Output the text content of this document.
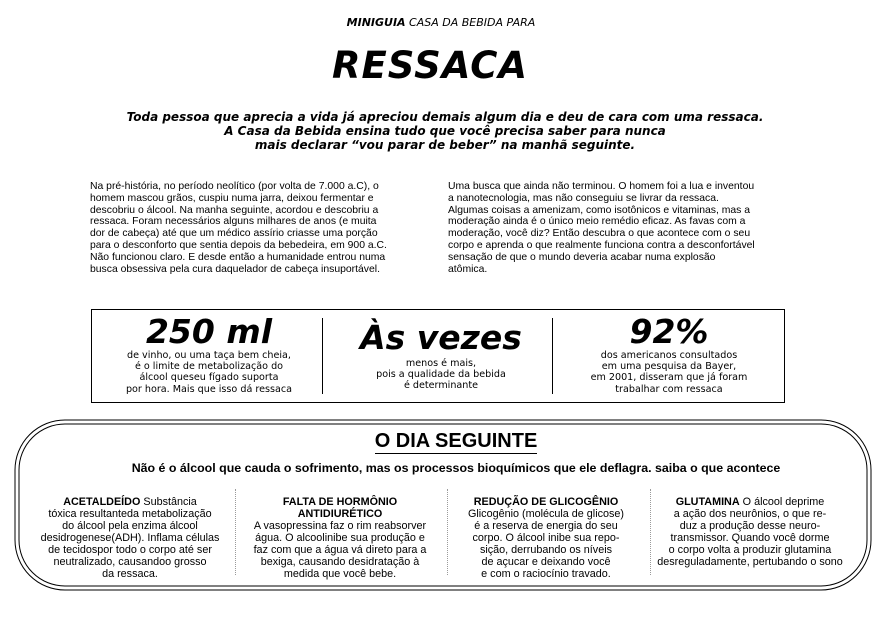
MINIGUIA CASA DA BEBIDA PARA
RESSACA
Toda pessoa que aprecia a vida já apreciou demais algum dia e deu de cara com uma ressaca.
A Casa da Bebida ensina tudo que você precisa saber para nunca
mais declarar “vou parar de beber” na manhã seguinte.
Na pré-história, no período neolítico (por volta de 7.000 a.C), o
homem mascou grãos, cuspiu numa jarra, deixou fermentar e
descobriu o álcool. Na manha seguinte, acordou e descobriu a
ressaca. Foram necessários alguns milhares de anos (e muita
dor de cabeça) até que um médico assírio criasse uma porção
para o desconforto que sentia depois da bebedeira, em 900 a.C.
Não funcionou claro. E desde então a humanidade entrou numa
busca obsessiva pela cura daquelador de cabeça insuportável.
Uma busca que ainda não terminou. O homem foi a lua e inventou
a nanotecnologia, mas não conseguiu se livrar da ressaca.
Algumas coisas a amenizam, como isotônicos e vitaminas, mas a
moderação ainda é o único meio remédio eficaz. As favas com a
moderação, você diz? Então descubra o que acontece com o seu
corpo e aprenda o que realmente funciona contra a desconfortável
sensação de que o mundo deveria acabar numa explosão
atômica.
250 ml
de vinho, ou uma taça bem cheia,
é o limite de metabolização do
álcool queseu fígado suporta
por hora. Mais que isso dá ressaca
Às vezes
menos é mais,
pois a qualidade da bebida
é determinante
92%
dos americanos consultados
em uma pesquisa da Bayer,
em 2001, disseram que já foram
trabalhar com ressaca
O DIA SEGUINTE
Não é o álcool que cauda o sofrimento, mas os processos bioquímicos que ele deflagra. saiba o que acontece
ACETALDEÍDO Substância
tóxica resultanteda metabolização
do álcool pela enzima álcool
desidrogenese(ADH). Inflama células
de tecidospor todo o corpo até ser
neutralizado, causandoo grosso
da ressaca.
FALTA DE HORMÔNIO
ANTIDIURÉTICO
A vasopressina faz o rim reabsorver
água. O alcoolinibe sua produção e
faz com que a água vá direto para a
bexiga, causando desidratação à
medida que você bebe.
REDUÇÃO DE GLICOGÊNIO
Glicogênio (molécula de glicose)
é a reserva de energia do seu
corpo. O álcool inibe sua repo-
sição, derrubando os níveis
de açucar e deixando você
e com o raciocínio travado.
GLUTAMINA O álcool deprime
a ação dos neurônios, o que re-
duz a produção desse neuro-
transmissor. Quando você dorme
o corpo volta a produzir glutamina
desreguladamente, pertubando o sono
